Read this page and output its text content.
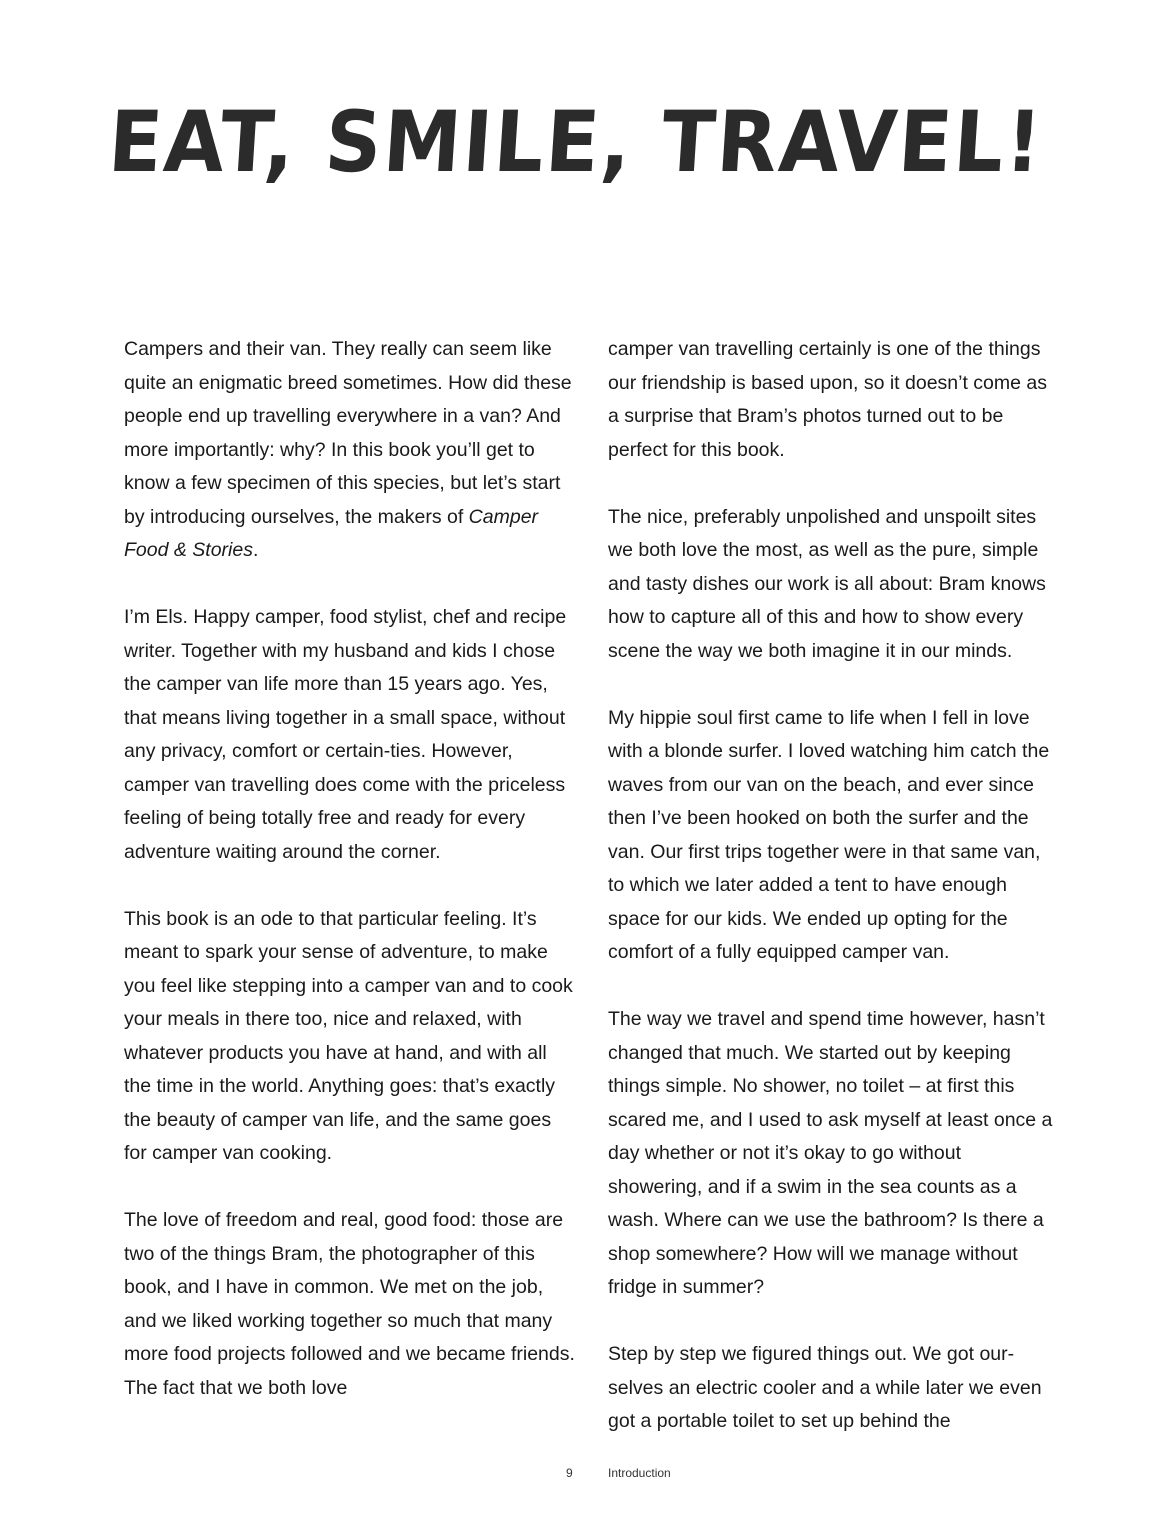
EAT, SMILE, TRAVEL!

Campers and their van. They really can seem like quite an enigmatic breed sometimes. How did these people end up travelling everywhere in a van? And more importantly: why? In this book you’ll get to know a few specimen of this species, but let’s start by introducing ourselves, the makers of Camper Food & Stories.

I’m Els. Happy camper, food stylist, chef and recipe writer. Together with my husband and kids I chose the camper van life more than 15 years ago. Yes, that means living together in a small space, without any privacy, comfort or certain-ties. However, camper van travelling does come with the priceless feeling of being totally free and ready for every adventure waiting around the corner.

This book is an ode to that particular feeling. It’s meant to spark your sense of adventure, to make you feel like stepping into a camper van and to cook your meals in there too, nice and relaxed, with whatever products you have at hand, and with all the time in the world. Anything goes: that’s exactly the beauty of camper van life, and the same goes for camper van cooking.

The love of freedom and real, good food: those are two of the things Bram, the photographer of this book, and I have in common. We met on the job, and we liked working together so much that many more food projects followed and we became friends. The fact that we both love

camper van travelling certainly is one of the things our friendship is based upon, so it doesn’t come as a surprise that Bram’s photos turned out to be perfect for this book.

The nice, preferably unpolished and unspoilt sites we both love the most, as well as the pure, simple and tasty dishes our work is all about: Bram knows how to capture all of this and how to show every scene the way we both imagine it in our minds.

My hippie soul first came to life when I fell in love with a blonde surfer. I loved watching him catch the waves from our van on the beach, and ever since then I’ve been hooked on both the surfer and the van. Our first trips together were in that same van, to which we later added a tent to have enough space for our kids. We ended up opting for the comfort of a fully equipped camper van.

The way we travel and spend time however, hasn’t changed that much. We started out by keeping things simple. No shower, no toilet – at first this scared me, and I used to ask myself at least once a day whether or not it’s okay to go without showering, and if a swim in the sea counts as a wash. Where can we use the bathroom? Is there a shop somewhere? How will we manage without fridge in summer?

Step by step we figured things out. We got our-selves an electric cooler and a while later we even got a portable toilet to set up behind the

9	Introduction
